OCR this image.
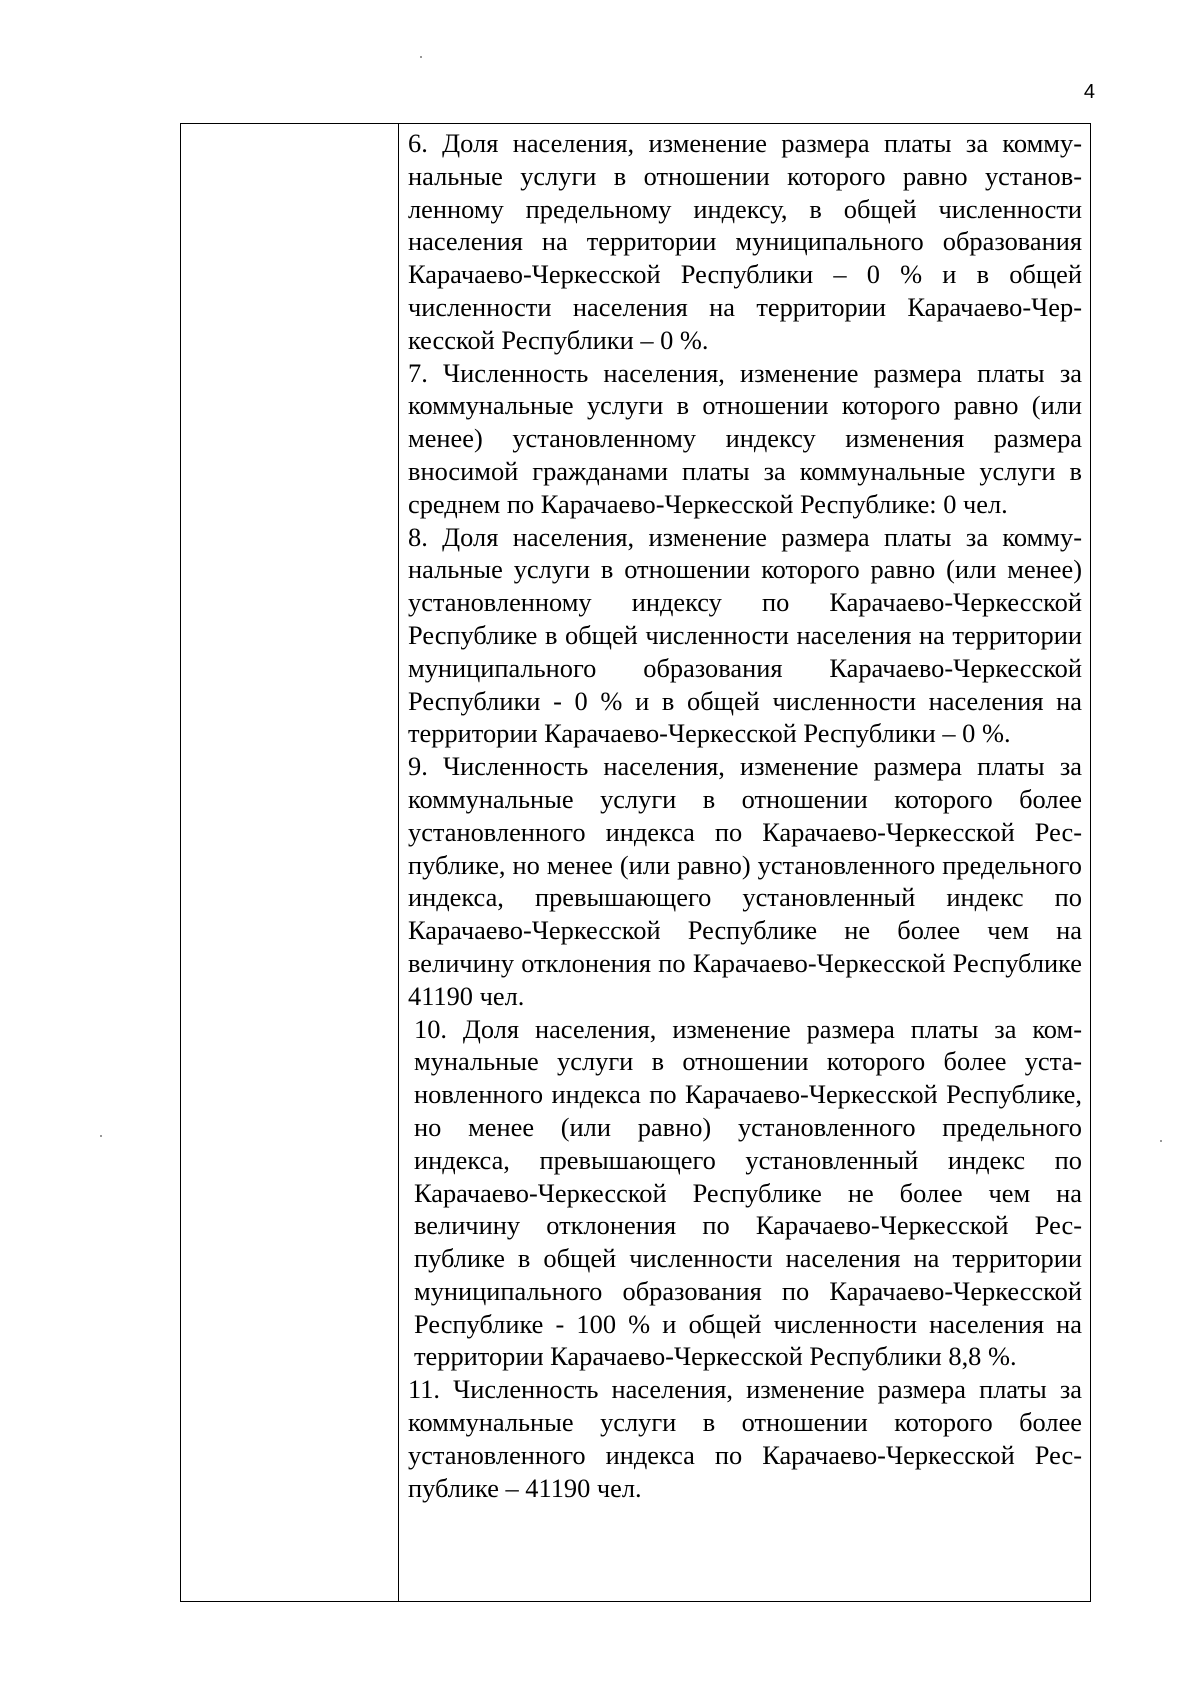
4

6. Доля населения, изменение размера платы за коммунальные услуги в отношении которого равно установленному предельному индексу, в общей численности населения на территории муниципального образования Карачаево-Черкесской Республики – 0 % и в общей численности населения на территории Карачаево-Черкесской Республики – 0 %.

7. Численность населения, изменение размера платы за коммунальные услуги в отношении которого равно (или менее) установленному индексу изменения размера вносимой гражданами платы за коммунальные услуги в среднем по Карачаево-Черкесской Республике: 0 чел.

8. Доля населения, изменение размера платы за коммунальные услуги в отношении которого равно (или менее) установленному индексу по Карачаево-Черкесской Республике в общей численности населения на территории муниципального образования Карачаево-Черкесской Республики - 0 % и в общей численности населения на территории Карачаево-Черкесской Республики – 0 %.

9. Численность населения, изменение размера платы за коммунальные услуги в отношении которого более установленного индекса по Карачаево-Черкесской Республике, но менее (или равно) установленного предельного индекса, превышающего установленный индекс по Карачаево-Черкесской Республике не более чем на величину отклонения по Карачаево-Черкесской Республике 41190 чел.

10. Доля населения, изменение размера платы за коммунальные услуги в отношении которого более установленного индекса по Карачаево-Черкесской Республике, но менее (или равно) установленного предельного индекса, превышающего установленный индекс по Карачаево-Черкесской Республике не более чем на величину отклонения по Карачаево-Черкесской Республике в общей численности населения на территории муниципального образования по Карачаево-Черкесской Республике - 100 % и общей численности населения на территории Карачаево-Черкесской Республики 8,8 %.

11. Численность населения, изменение размера платы за коммунальные услуги в отношении которого более установленного индекса по Карачаево-Черкесской Республике – 41190 чел.
